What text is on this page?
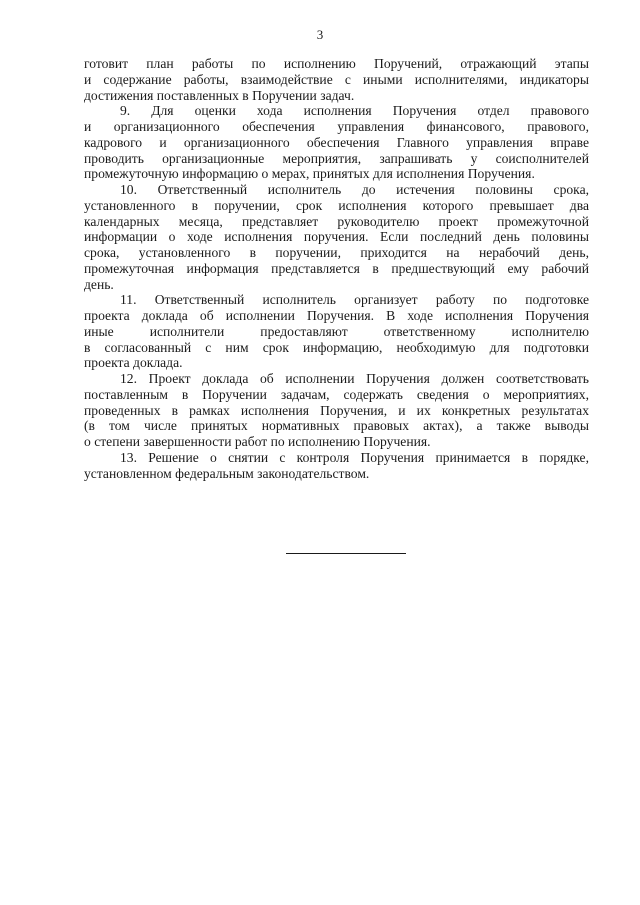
3

готовит план работы по исполнению Поручений, отражающий этапы
и содержание работы, взаимодействие с иными исполнителями, индикаторы
достижения поставленных в Поручении задач.

9. Для оценки хода исполнения Поручения отдел правового
и организационного обеспечения управления финансового, правового,
кадрового и организационного обеспечения Главного управления вправе
проводить организационные мероприятия, запрашивать у соисполнителей
промежуточную информацию о мерах, принятых для исполнения Поручения.

10. Ответственный исполнитель до истечения половины срока,
установленного в поручении, срок исполнения которого превышает два
календарных месяца, представляет руководителю проект промежуточной
информации о ходе исполнения поручения. Если последний день половины
срока, установленного в поручении, приходится на нерабочий день,
промежуточная информация представляется в предшествующий ему рабочий
день.

11. Ответственный исполнитель организует работу по подготовке
проекта доклада об исполнении Поручения. В ходе исполнения Поручения
иные исполнители предоставляют ответственному исполнителю
в согласованный с ним срок информацию, необходимую для подготовки
проекта доклада.

12. Проект доклада об исполнении Поручения должен соответствовать
поставленным в Поручении задачам, содержать сведения о мероприятиях,
проведенных в рамках исполнения Поручения, и их конкретных результатах
(в том числе принятых нормативных правовых актах), а также выводы
о степени завершенности работ по исполнению Поручения.

13. Решение о снятии с контроля Поручения принимается в порядке,
установленном федеральным законодательством.
